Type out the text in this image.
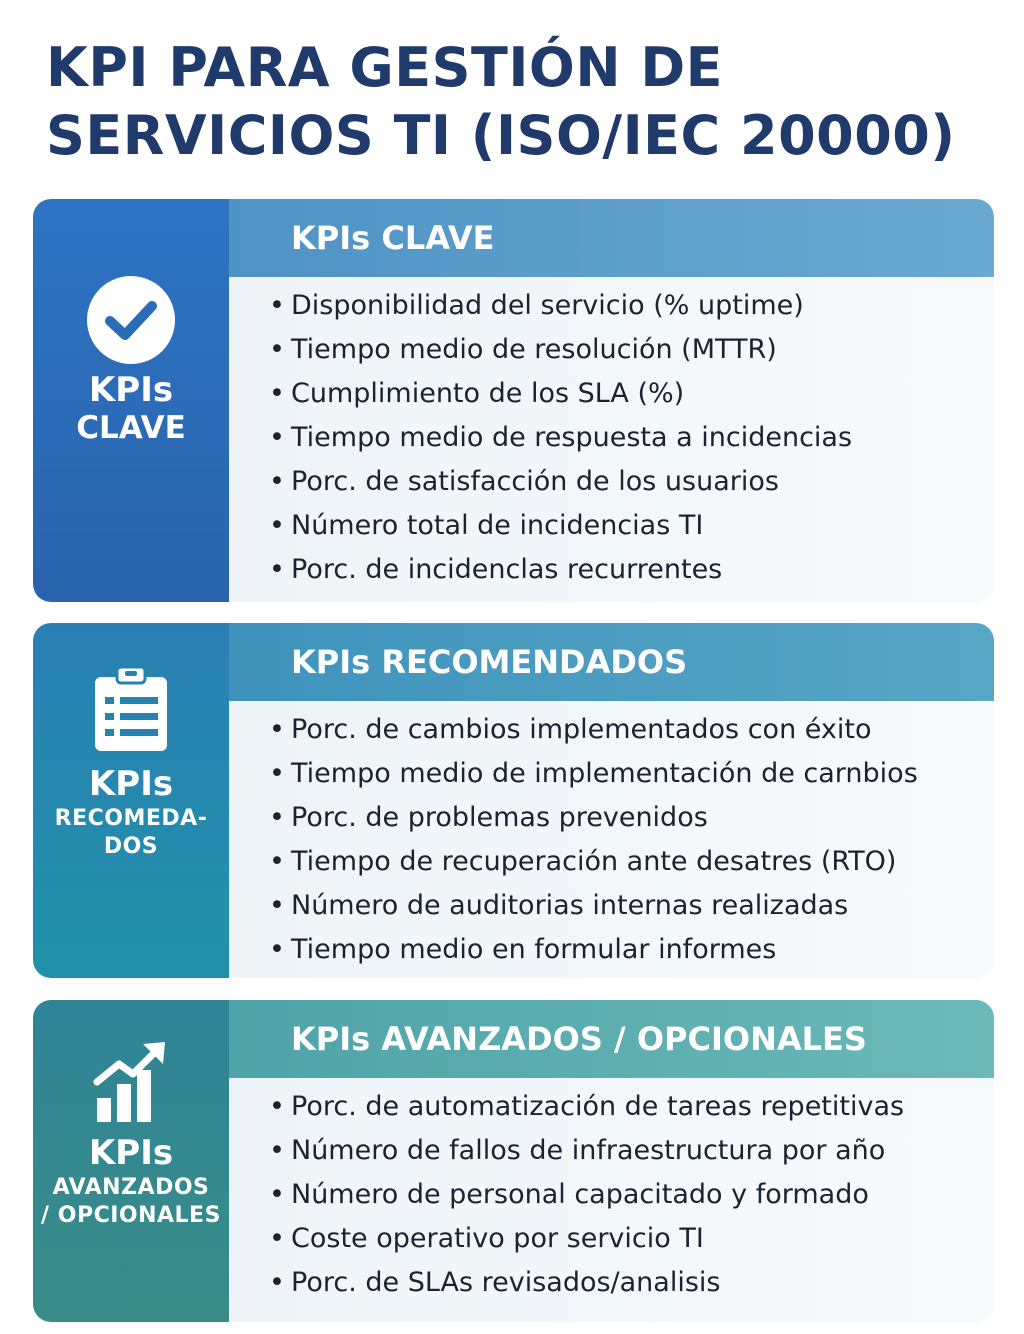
KPI PARA GESTIÓN DE
SERVICIOS TI (ISO/IEC 20000)
KPIs
CLAVE
KPIs CLAVE
• Disponibilidad del servicio (% uptime)
• Tiempo medio de resolución (MTTR)
• Cumplimiento de los SLA (%)
• Tiempo medio de respuesta a incidencias
• Porc. de satisfacción de los usuarios
• Número total de incidencias TI
• Porc. de incidenclas recurrentes
KPIs
RECOMEDA-
DOS
KPIs RECOMENDADOS
• Porc. de cambios implementados con éxito
• Tiempo medio de implementación de carnbios
• Porc. de problemas prevenidos
• Tiempo de recuperación ante desatres (RTO)
• Número de auditorias internas realizadas
• Tiempo medio en formular informes
KPIs
AVANZADOS
/ OPCIONALES
KPIs AVANZADOS / OPCIONALES
• Porc. de automatización de tareas repetitivas
• Número de fallos de infraestructura por año
• Número de personal capacitado y formado
• Coste operativo por servicio TI
• Porc. de SLAs revisados/analisis
